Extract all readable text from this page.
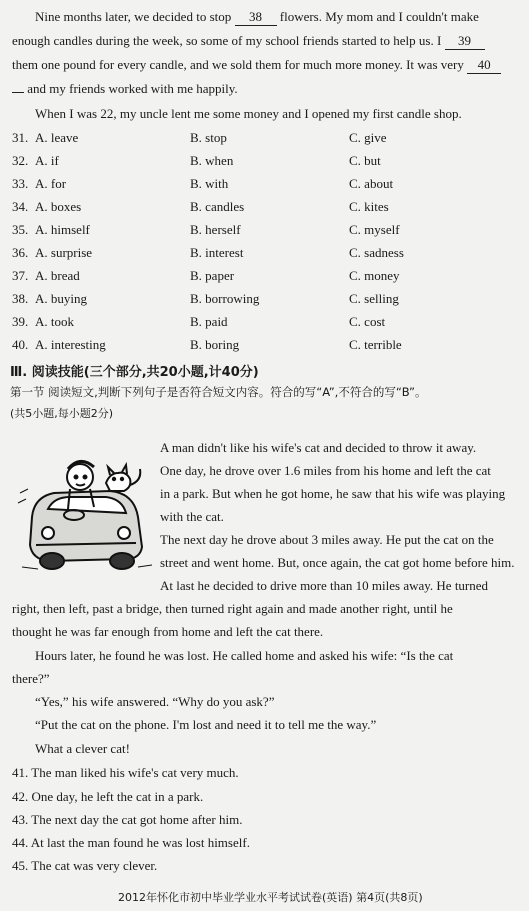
Nine months later, we decided to stop 38 flowers. My mom and I couldn't make
enough candles during the week, so some of my school friends started to help us. I 39
them one pound for every candle, and we sold them for much more money. It was very 40
and my friends worked with me happily.
When I was 22, my uncle lent me some money and I opened my first candle shop.
31. A. leave	B. stop	C. give
32. A. if	B. when	C. but
33. A. for	B. with	C. about
34. A. boxes	B. candles	C. kites
35. A. himself	B. herself	C. myself
36. A. surprise	B. interest	C. sadness
37. A. bread	B. paper	C. money
38. A. buying	B. borrowing	C. selling
39. A. took	B. paid	C. cost
40. A. interesting	B. boring	C. terrible
Ⅲ. 阅读技能(三个部分,共20小题,计40分)
第一节 阅读短文,判断下列句子是否符合短文内容。符合的写“A”,不符合的写“B”。
(共5小题,每小题2分)
A man didn't like his wife's cat and decided to throw it away.
One day, he drove over 1.6 miles from his home and left the cat
in a park. But when he got home, he saw that his wife was playing
with the cat.
The next day he drove about 3 miles away. He put the cat on the
street and went home. But, once again, the cat got home before him.
At last he decided to drive more than 10 miles away. He turned
right, then left, past a bridge, then turned right again and made another right, until he
thought he was far enough from home and left the cat there.
Hours later, he found he was lost. He called home and asked his wife: “Is the cat
there?”
“Yes,” his wife answered. “Why do you ask?”
“Put the cat on the phone. I'm lost and need it to tell me the way.”
What a clever cat!
41. The man liked his wife's cat very much.
42. One day, he left the cat in a park.
43. The next day the cat got home after him.
44. At last the man found he was lost himself.
45. The cat was very clever.
2012年怀化市初中毕业学业水平考试试卷(英语) 第4页(共8页)
